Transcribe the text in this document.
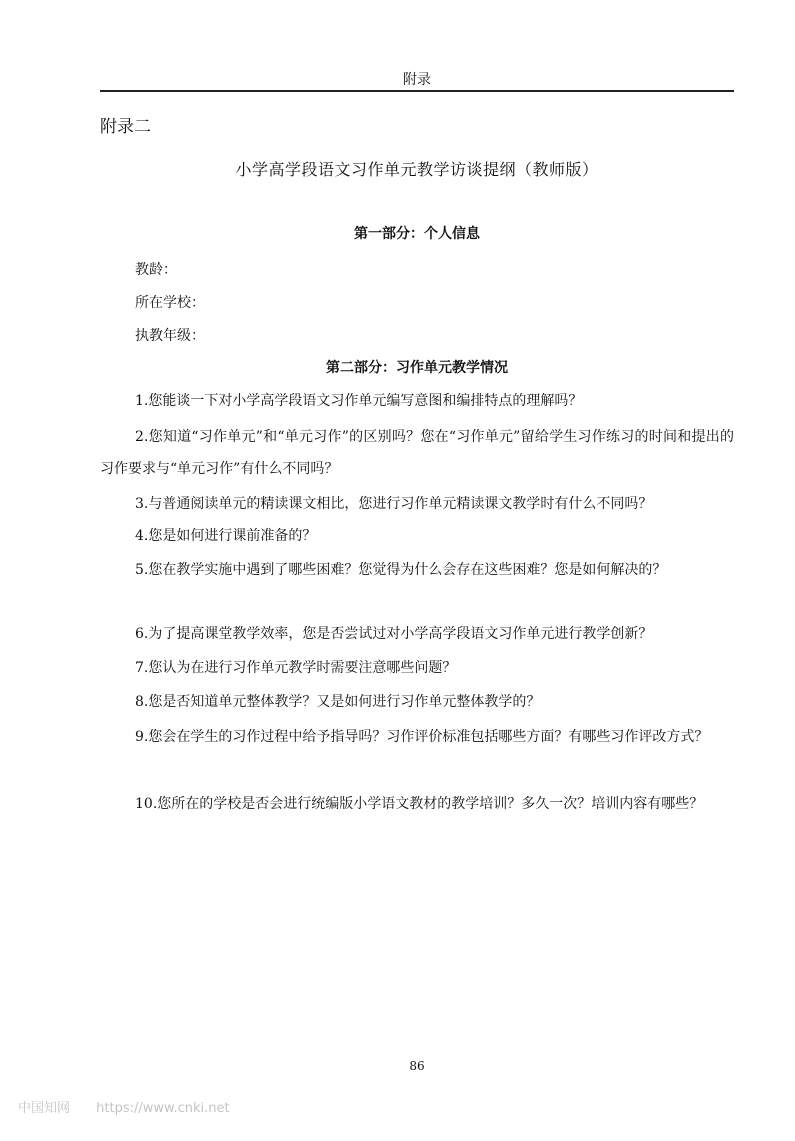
附录
附录二
小学高学段语文习作单元教学访谈提纲（教师版）
第一部分：个人信息
教龄：
所在学校：
执教年级：
第二部分：习作单元教学情况
1.您能谈一下对小学高学段语文习作单元编写意图和编排特点的理解吗？
2.您知道“习作单元”和“单元习作”的区别吗？您在“习作单元”留给学生习作练习的时间和提出的习作要求与“单元习作”有什么不同吗？
3.与普通阅读单元的精读课文相比，您进行习作单元精读课文教学时有什么不同吗？
4.您是如何进行课前准备的？
5.您在教学实施中遇到了哪些困难？您觉得为什么会存在这些困难？您是如何解决的？
6.为了提高课堂教学效率，您是否尝试过对小学高学段语文习作单元进行教学创新？
7.您认为在进行习作单元教学时需要注意哪些问题？
8.您是否知道单元整体教学？又是如何进行习作单元整体教学的？
9.您会在学生的习作过程中给予指导吗？习作评价标准包括哪些方面？有哪些习作评改方式？
10.您所在的学校是否会进行统编版小学语文教材的教学培训？多久一次？培训内容有哪些？
86
中国知网 https://www.cnki.net
